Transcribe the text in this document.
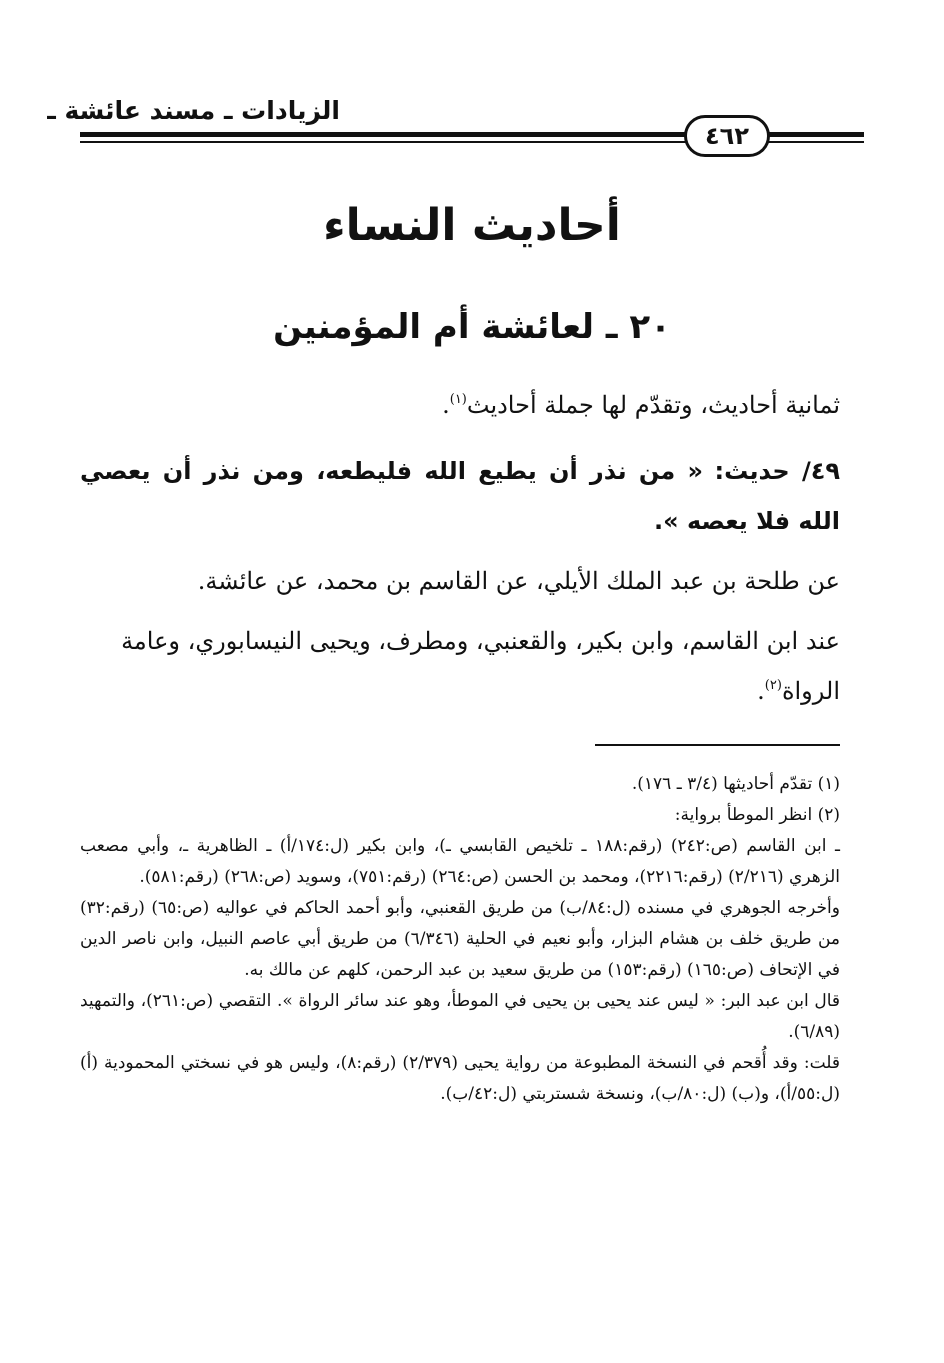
الزيادات ـ مسند عائشة ـ
٤٦٢
أحاديث النساء
٢٠ ـ لعائشة أم المؤمنين
ثمانية أحاديث، وتقدّم لها جملة أحاديث$^{(١)}$.
٤٩/ حديث: « من نذر أن يطيع الله فليطعه، ومن نذر أن يعصي الله فلا يعصه ».
عن طلحة بن عبد الملك الأيلي، عن القاسم بن محمد، عن عائشة.
عند ابن القاسم، وابن بكير، والقعنبي، ومطرف، ويحيى النيسابوري، وعامة الرواة$^{(٢)}$.

(١) تقدّم أحاديثها (٣/٤ ـ ١٧٦).

(٢) انظر الموطأ برواية:

ـ ابن القاسم (ص:٢٤٢) (رقم:١٨٨ ـ تلخيص القابسي ـ)، وابن بكير (ل:١٧٤/أ) ـ الظاهرية ـ، وأبي مصعب الزهري (٢/٢١٦) (رقم:٢٢١٦)، ومحمد بن الحسن (ص:٢٦٤) (رقم:٧٥١)، وسويد (ص:٢٦٨) (رقم:٥٨١).

وأخرجه الجوهري في مسنده (ل:٨٤/ب) من طريق القعنبي، وأبو أحمد الحاكم في عواليه (ص:٦٥) (رقم:٣٢) من طريق خلف بن هشام البزار، وأبو نعيم في الحلية (٦/٣٤٦) من طريق أبي عاصم النبيل، وابن ناصر الدين في الإتحاف (ص:١٦٥) (رقم:١٥٣) من طريق سعيد بن عبد الرحمن، كلهم عن مالك به.

قال ابن عبد البر: « ليس عند يحيى بن يحيى في الموطأ، وهو عند سائر الرواة ». التقصي (ص:٢٦١)، والتمهيد (٦/٨٩).

قلت: وقد أُقحم في النسخة المطبوعة من رواية يحيى (٢/٣٧٩) (رقم:٨)، وليس هو في نسختي المحمودية (أ) (ل:٥٥/أ)، و(ب) (ل:٨٠/ب)، ونسخة شستربتي (ل:٤٢/ب).
